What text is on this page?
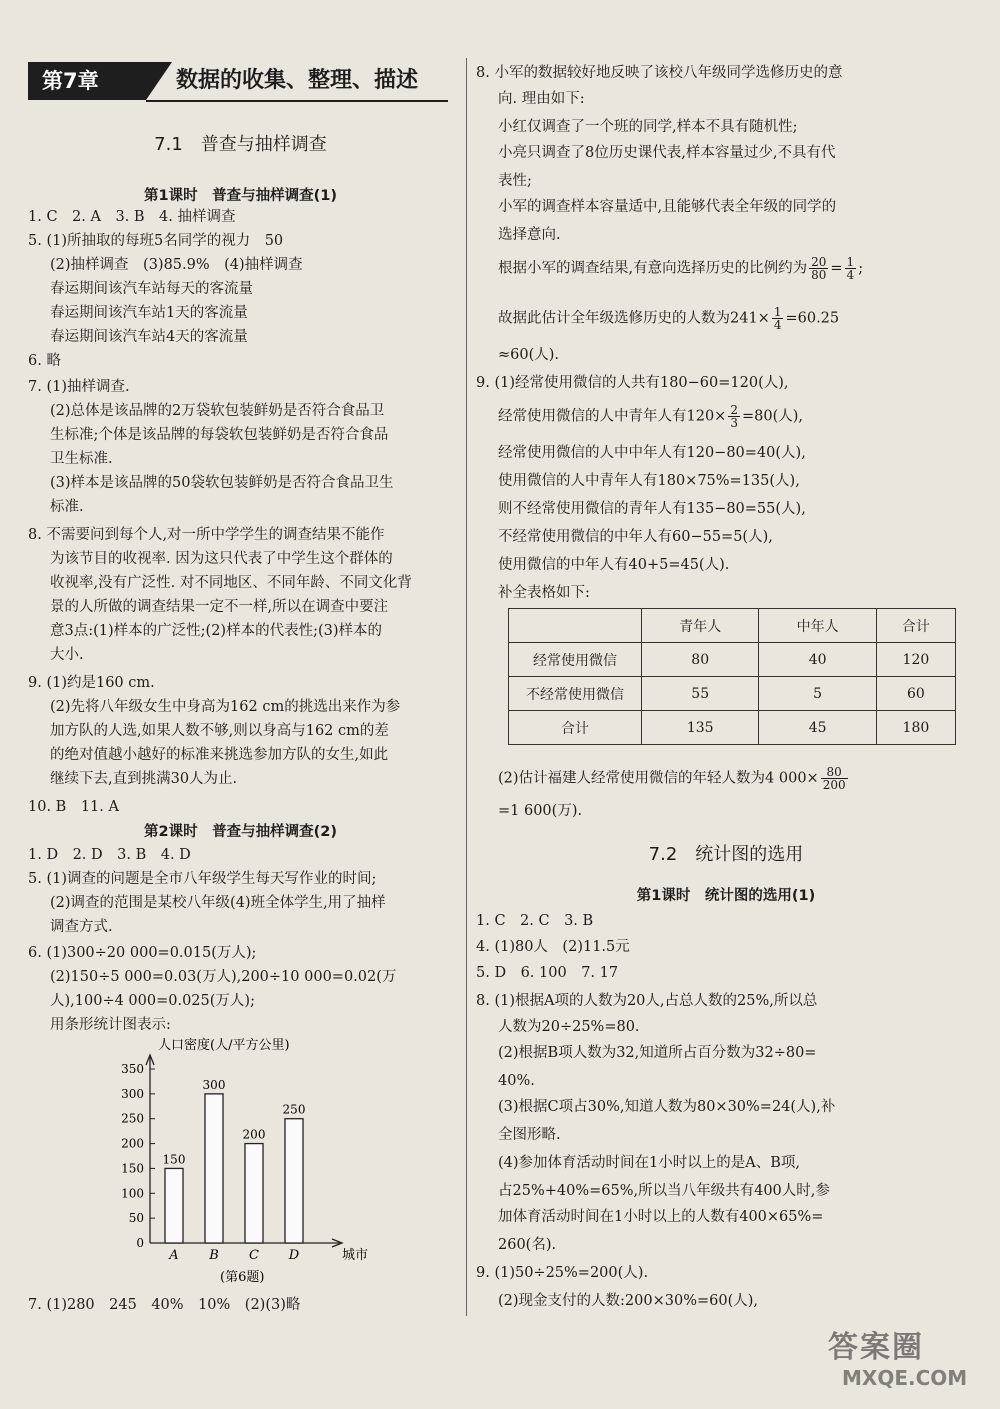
第7章	数据的收集、整理、描述
7.1　普查与抽样调查
第1课时　普查与抽样调查(1)
1. C　2. A　3. B　4. 抽样调查
5. (1)所抽取的每班5名同学的视力　50
(2)抽样调查　(3)85.9%　(4)抽样调查
春运期间该汽车站每天的客流量
春运期间该汽车站1天的客流量
春运期间该汽车站4天的客流量
6. 略
7. (1)抽样调查.
(2)总体是该品牌的2万袋软包装鲜奶是否符合食品卫
生标准;个体是该品牌的每袋软包装鲜奶是否符合食品
卫生标准.
(3)样本是该品牌的50袋软包装鲜奶是否符合食品卫生
标准.
8. 不需要问到每个人,对一所中学学生的调查结果不能作
为该节目的收视率. 因为这只代表了中学生这个群体的
收视率,没有广泛性. 对不同地区、不同年龄、不同文化背
景的人所做的调查结果一定不一样,所以在调查中要注
意3点:(1)样本的广泛性;(2)样本的代表性;(3)样本的
大小.
9. (1)约是160 cm.
(2)先将八年级女生中身高为162 cm的挑选出来作为参
加方队的人选,如果人数不够,则以身高与162 cm的差
的绝对值越小越好的标准来挑选参加方队的女生,如此
继续下去,直到挑满30人为止.
10. B　11. A
第2课时　普查与抽样调查(2)
1. D　2. D　3. B　4. D
5. (1)调查的问题是全市八年级学生每天写作业的时间;
(2)调查的范围是某校八年级(4)班全体学生,用了抽样
调查方式.
6. (1)300÷20 000=0.015(万人);
(2)150÷5 000=0.03(万人),200÷10 000=0.02(万
人),100÷4 000=0.025(万人);
用条形统计图表示:
7. (1)280　245　40%　10%　(2)(3)略
人口密度(人/平方公里)
城市
(第6题)
0
50
100
150
200
250
300
350
150
A
300
B
200
C
250
D
8. 小军的数据较好地反映了该校八年级同学选修历史的意
向. 理由如下:
小红仅调查了一个班的同学,样本不具有随机性;
小亮只调查了8位历史课代表,样本容量过少,不具有代
表性;
小军的调查样本容量适中,且能够代表全年级的同学的
选择意向.
根据小军的调查结果,有意向选择历史的比例约为 $\frac{20}{80} = \frac{1}{4}$ ;
故据此估计全年级选修历史的人数为$241\times \frac{1}{4} =60.25$
≈60(人).
9. (1)经常使用微信的人共有180−60=120(人),
经常使用微信的人中青年人有$120\times \frac{2}{3} =80$(人),
经常使用微信的人中中年人有120−80=40(人),
使用微信的人中青年人有180×75%=135(人),
则不经常使用微信的青年人有135−80=55(人),
不经常使用微信的中年人有60−55=5(人),
使用微信的中年人有40+5=45(人).
补全表格如下:
	青年人	中年人	合计
经常使用微信	80	40	120
不经常使用微信	55	5	60
合计	135	45	180
(2)估计福建人经常使用微信的年轻人数为4 $000\times \frac{80}{200}$
=1 600(万).
7.2　统计图的选用
第1课时　统计图的选用(1)
1. C　2. C　3. B
4. (1)80人　(2)11.5元
5. D　6. 100　7. 17
8. (1)根据A项的人数为20人,占总人数的25%,所以总
人数为20÷25%=80.
(2)根据B项人数为32,知道所占百分数为32÷80=
40%.
(3)根据C项占30%,知道人数为80×30%=24(人),补
全图形略.
(4)参加体育活动时间在1小时以上的是A、B项,
占25%+40%=65%,所以当八年级共有400人时,参
加体育活动时间在1小时以上的人数有400×65%=
260(名).
9. (1)50÷25%=200(人).
(2)现金支付的人数:200×30%=60(人),
答案圈
MXQE.COM
